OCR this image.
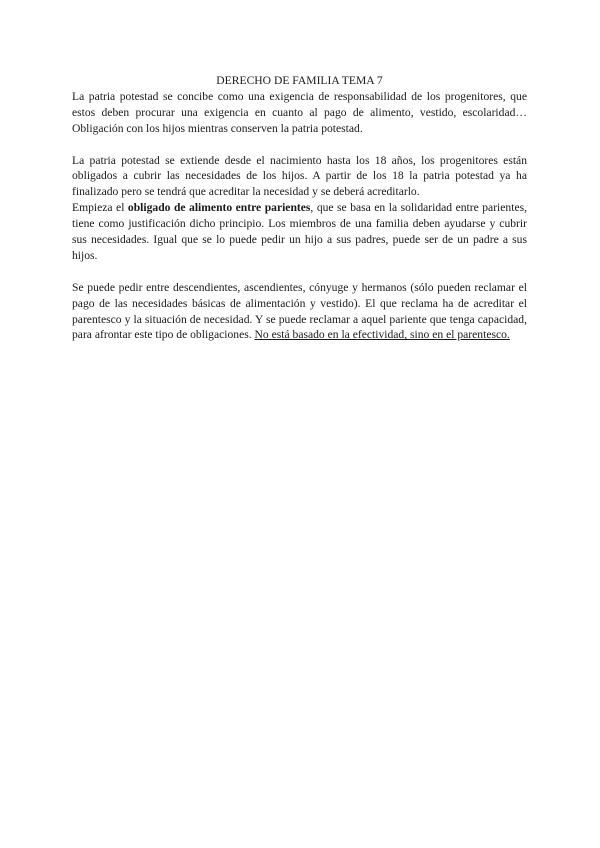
DERECHO DE FAMILIA TEMA 7

La patria potestad se concibe como una exigencia de responsabilidad de los progenitores, que estos deben procurar una exigencia en cuanto al pago de alimento, vestido, escolaridad… Obligación con los hijos mientras conserven la patria potestad.

La patria potestad se extiende desde el nacimiento hasta los 18 años, los progenitores están obligados a cubrir las necesidades de los hijos. A partir de los 18 la patria potestad ya ha finalizado pero se tendrá que acreditar la necesidad y se deberá acreditarlo.

Empieza el obligado de alimento entre parientes, que se basa en la solidaridad entre parientes, tiene como justificación dicho principio. Los miembros de una familia deben ayudarse y cubrir sus necesidades. Igual que se lo puede pedir un hijo a sus padres, puede ser de un padre a sus hijos.

Se puede pedir entre descendientes, ascendientes, cónyuge y hermanos (sólo pueden reclamar el pago de las necesidades básicas de alimentación y vestido). El que reclama ha de acreditar el parentesco y la situación de necesidad. Y se puede reclamar a aquel pariente que tenga capacidad, para afrontar este tipo de obligaciones. No está basado en la efectividad, sino en el parentesco.
